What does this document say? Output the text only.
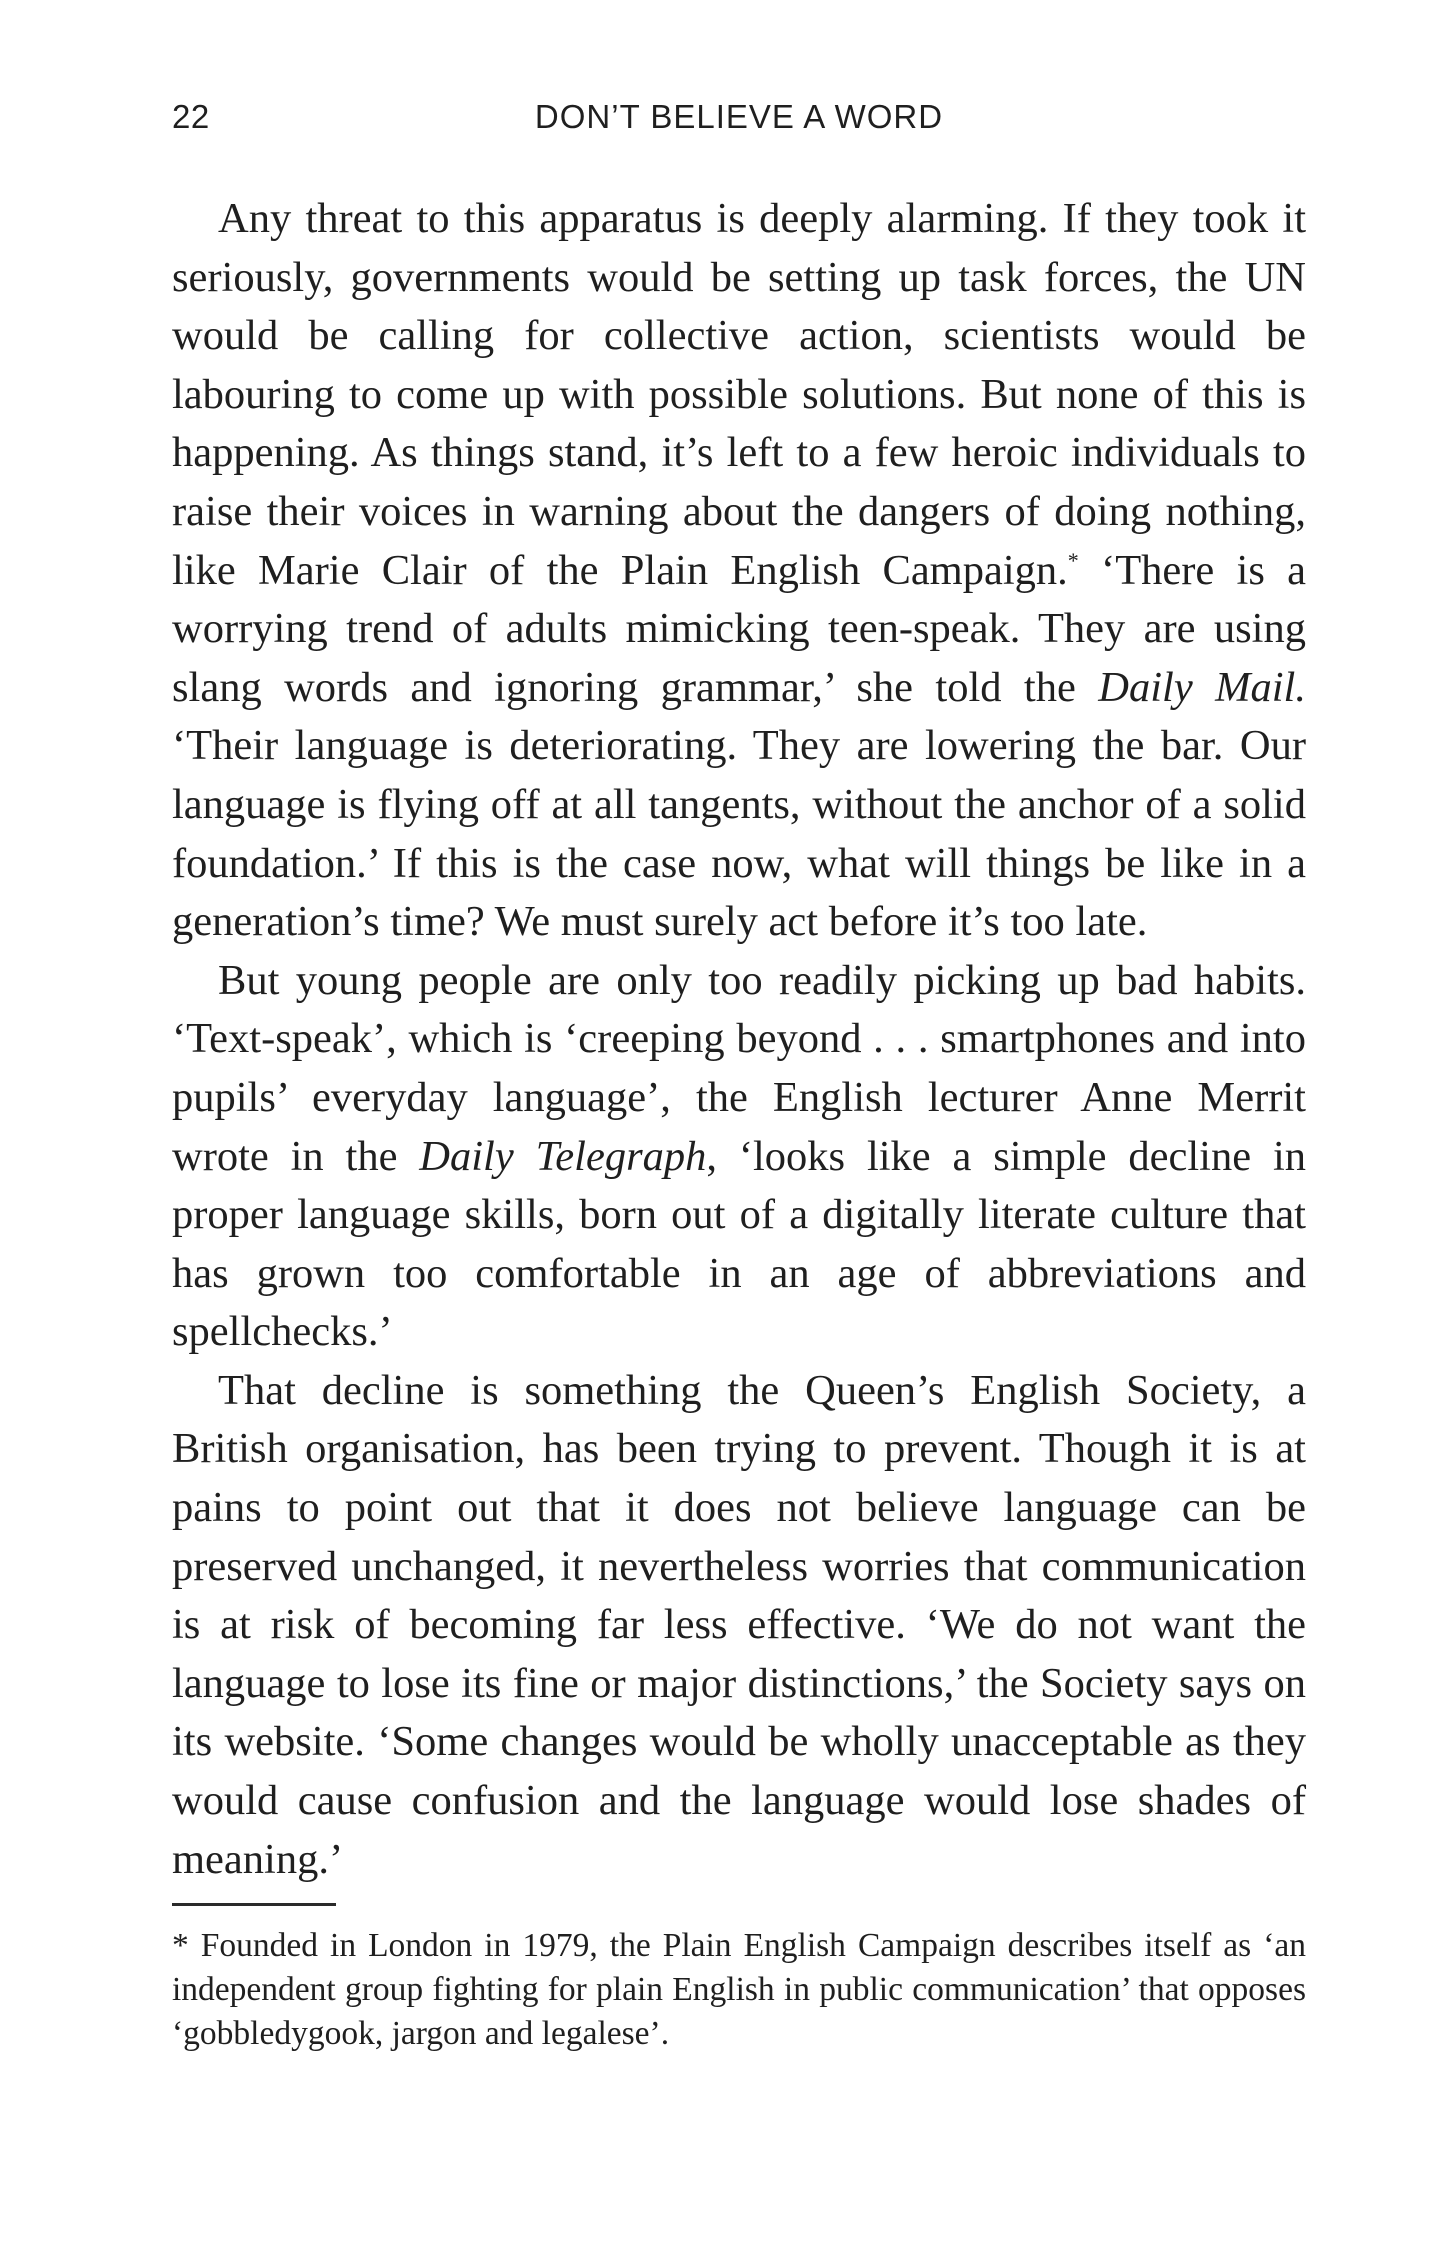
22	DON’T BELIEVE A WORD

Any threat to this apparatus is deeply alarming. If they took it seriously, governments would be setting up task forces, the UN would be calling for collective action, scientists would be labouring to come up with possible solutions. But none of this is happening. As things stand, it’s left to a few heroic individuals to raise their voices in warning about the dangers of doing nothing, like Marie Clair of the Plain English Campaign.* ‘There is a worrying trend of adults mimicking teen-speak. They are using slang words and ignoring grammar,’ she told the Daily Mail. ‘Their language is deteriorating. They are lowering the bar. Our language is flying off at all tangents, without the anchor of a solid foundation.’ If this is the case now, what will things be like in a generation’s time? We must surely act before it’s too late.

But young people are only too readily picking up bad habits. ‘Text-speak’, which is ‘creeping beyond . . . smartphones and into pupils’ everyday language’, the English lecturer Anne Merrit wrote in the Daily Telegraph, ‘looks like a simple decline in proper language skills, born out of a digitally literate culture that has grown too comfortable in an age of abbreviations and spellchecks.’

That decline is something the Queen’s English Society, a British organisation, has been trying to prevent. Though it is at pains to point out that it does not believe language can be preserved unchanged, it nevertheless worries that communication is at risk of becoming far less effective. ‘We do not want the language to lose its fine or major distinctions,’ the Society says on its website. ‘Some changes would be wholly unacceptable as they would cause confusion and the language would lose shades of meaning.’

* Founded in London in 1979, the Plain English Campaign describes itself as ‘an independent group fighting for plain English in public communication’ that opposes ‘gobbledygook, jargon and legalese’.
